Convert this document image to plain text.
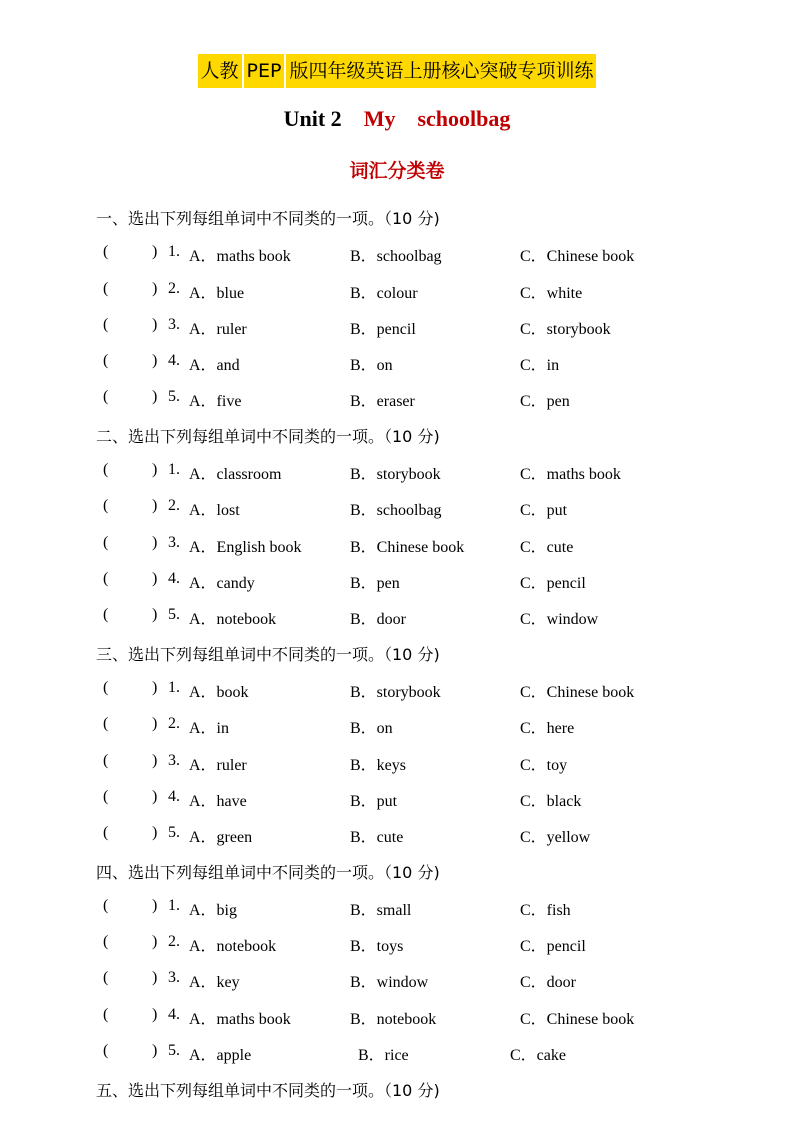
人教 PEP 版四年级英语上册核心突破专项训练
Unit 2 My schoolbag
词汇分类卷
一、选出下列每组单词中不同类的一项。（10 分)
(	) 1. A．maths book	B．schoolbag	C．Chinese book
(	) 2. A．blue	B．colour	C．white
(	) 3. A．ruler	B．pencil	C．storybook
(	) 4. A．and	B．on	C．in
(	) 5. A．five	B．eraser	C．pen
二、选出下列每组单词中不同类的一项。（10 分)
(	) 1. A．classroom	B．storybook	C．maths book
(	) 2. A．lost	B．schoolbag	C．put
(	) 3. A．English book	B．Chinese book	C．cute
(	) 4. A．candy	B．pen	C．pencil
(	) 5. A．notebook	B．door	C．window
三、选出下列每组单词中不同类的一项。（10 分)
(	) 1. A．book	B．storybook	C．Chinese book
(	) 2. A．in	B．on	C．here
(	) 3. A．ruler	B．keys	C．toy
(	) 4. A．have	B．put	C．black
(	) 5. A．green	B．cute	C．yellow
四、选出下列每组单词中不同类的一项。（10 分)
(	) 1. A．big	B．small	C．fish
(	) 2. A．notebook	B．toys	C．pencil
(	) 3. A．key	B．window	C．door
(	) 4. A．maths book	B．notebook	C．Chinese book
(	) 5. A．apple	B．rice	C．cake
五、选出下列每组单词中不同类的一项。（10 分)
